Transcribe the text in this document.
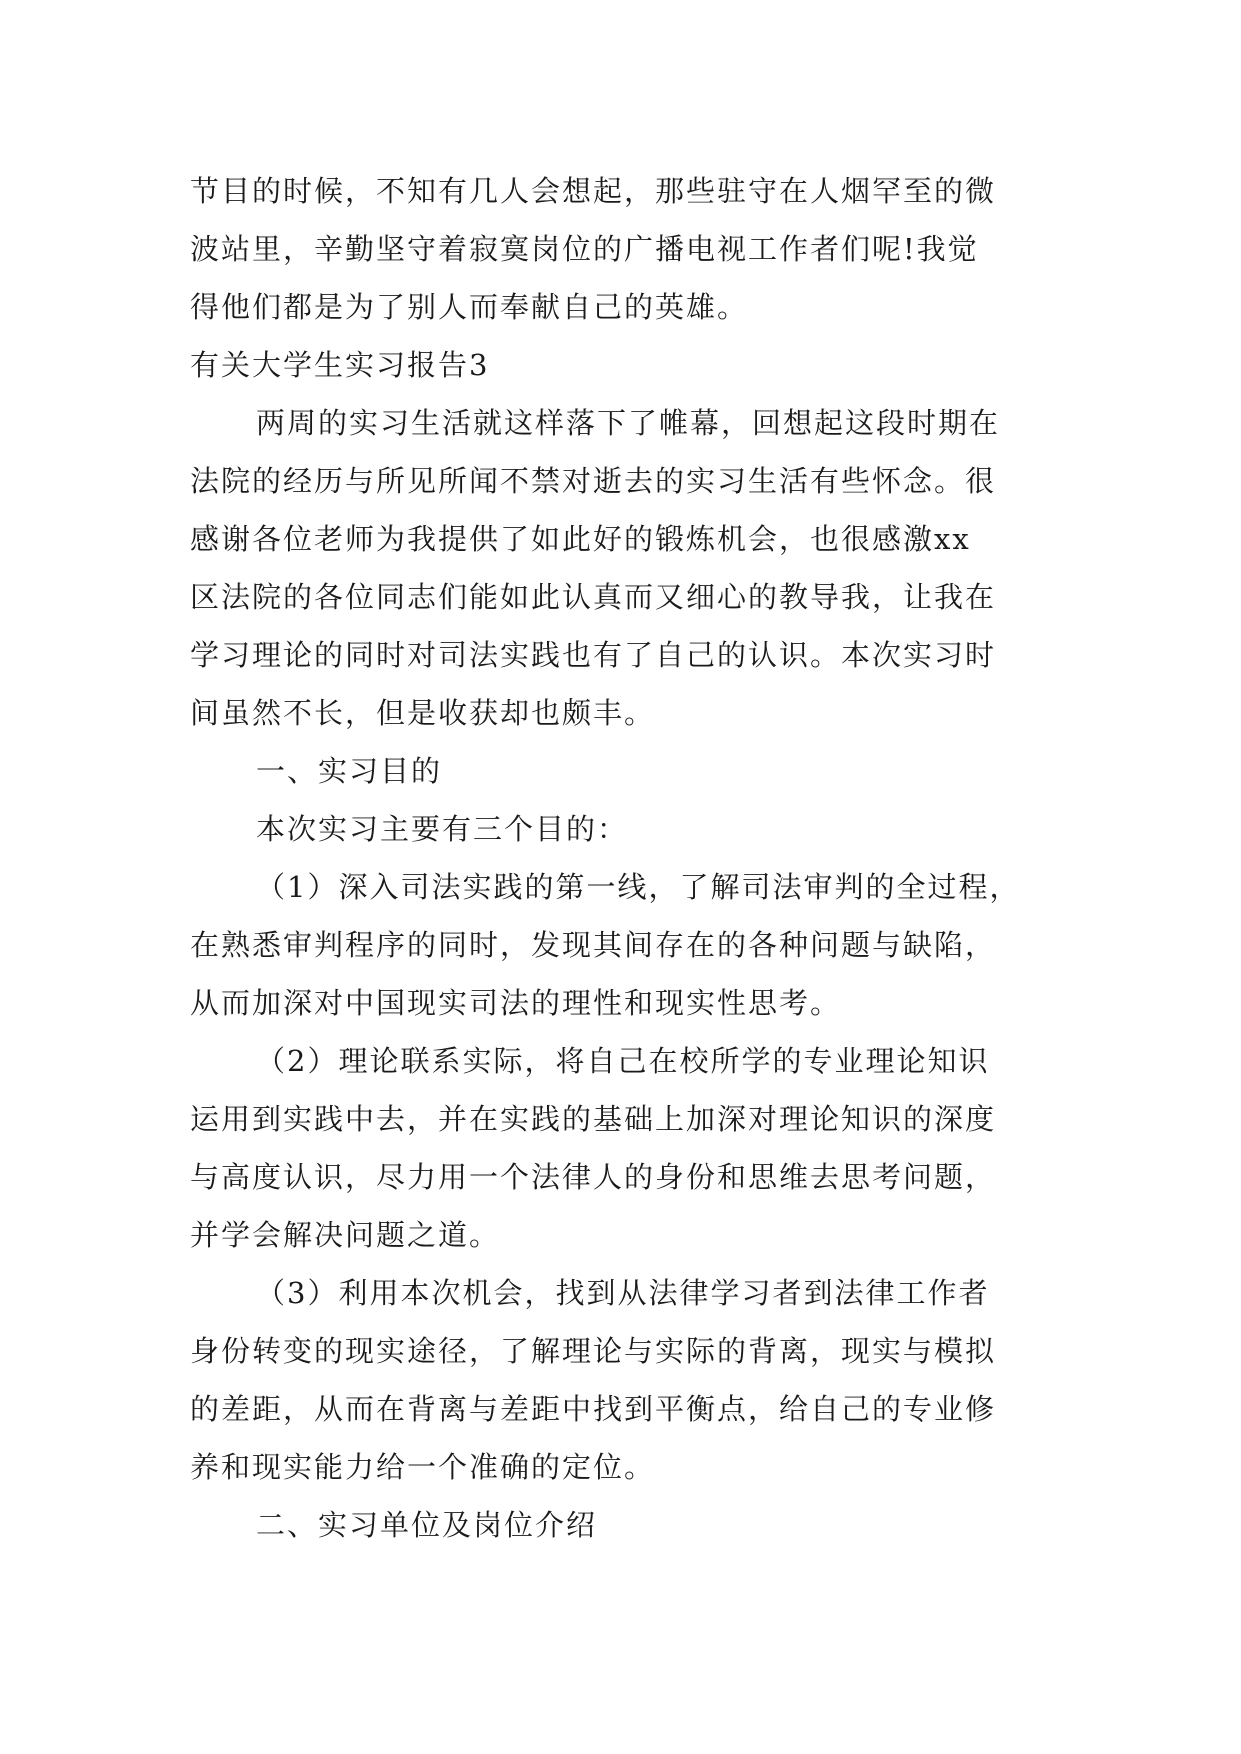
节目的时候，不知有几人会想起，那些驻守在人烟罕至的微
波站里，辛勤坚守着寂寞岗位的广播电视工作者们呢!我觉
得他们都是为了别人而奉献自己的英雄。
有关大学生实习报告3
两周的实习生活就这样落下了帷幕，回想起这段时期在
法院的经历与所见所闻不禁对逝去的实习生活有些怀念。很
感谢各位老师为我提供了如此好的锻炼机会，也很感激xx
区法院的各位同志们能如此认真而又细心的教导我，让我在
学习理论的同时对司法实践也有了自己的认识。本次实习时
间虽然不长，但是收获却也颇丰。
一、实习目的
本次实习主要有三个目的：
（1）深入司法实践的第一线，了解司法审判的全过程，
在熟悉审判程序的同时，发现其间存在的各种问题与缺陷，
从而加深对中国现实司法的理性和现实性思考。
（2）理论联系实际，将自己在校所学的专业理论知识
运用到实践中去，并在实践的基础上加深对理论知识的深度
与高度认识，尽力用一个法律人的身份和思维去思考问题，
并学会解决问题之道。
（3）利用本次机会，找到从法律学习者到法律工作者
身份转变的现实途径，了解理论与实际的背离，现实与模拟
的差距，从而在背离与差距中找到平衡点，给自己的专业修
养和现实能力给一个准确的定位。
二、实习单位及岗位介绍
